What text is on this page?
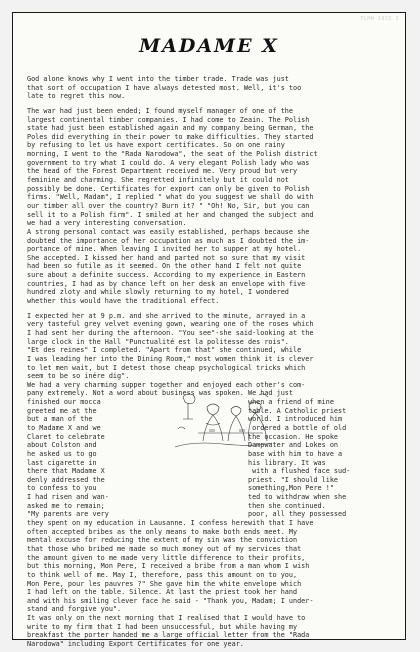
FLMW 1955 2
MADAME X
God alone knows why I went into the timber trade. Trade was just
that sort of occupation I have always detested most. Well, it's too
late to regret this now.
The war had just been ended; I found myself manager of one of the
largest continental timber companies. I had come to Zeain. The Polish
state had just been established again and my company being German, the
Poles did everything in their power to make difficulties. They started
by refusing to let us have export certificates. So on one rainy
morning, I went to the "Rada Narodowa", the seat of the Polish district
government to try what I could do. A very elegant Polish lady who was
the head of the Forest Department received me. Very proud but very
feminine and charming. She regretted infinitely but it could not
possibly be done. Certificates for export can only be given to Polish
firms. "Well, Madam", I replied " what do you suggest we shall do with
our timber all over the country? Burn it? " "Oh! No, Sir, but you can
sell it to a Polish firm". I smiled at her and changed the subject and
we had a very interesting conversation.
A strong personal contact was easily established, perhaps because she
doubted the importance of her occupation as much as I doubted the im-
portance of mine. When leaving I invited her to supper at my hotel.
She accepted. I kissed her hand and parted not so sure that my visit
had been so futile as it seemed. On the other hand I felt not quite
sure about a definite success. According to my experience in Eastern
countries, I had as by chance left on her desk an envelope with five
hundred zloty and while slowly returning to my hotel, I wondered
whether this would have the traditional effect.
I expected her at 9 p.m. and she arrived to the minute, arrayed in a
very tasteful grey velvet evening gown, wearing one of the roses which
I had sent her during the afternoon. "You see"-she said-looking at the
large clock in the Hall "Punctualité est la politesse des rois".
"Et des reines" I completed. "Apart from that" she continued, while
I was leading her into the Dining Room," most women think it is clever
to let men wait, but I detest those cheap psychological tricks which
seem to be so inére dig".
We had a very charming supper together and enjoyed each other's com-
pany extremely. Not a word about business was spoken. We had just
finished our mocca                                    when a friend of mine
greeted me at the                                     table. A Catholic priest
but a man of the                                      world. I introduced him
to Madame X and we                                     ordered a bottle of old
Claret to celebrate                                   the occasion. He spoke
about Colston and                                     Dampwater and Lokes on
he asked us to go                                     base with him to have a
last cigarette in                                     his library. It was
there that Madame X                                    with a flushed face sud-
denly addressed the                                   priest. "I should like
to confess to you                                     something,Mon Pere !"
I had risen and wan-                                  ted to withdraw when she
asked me to remain;                                   then she continued.
"My parents are very                                  poor, all they possessed
they spent on my education in Lausanne. I confess herewith that I have
often accepted bribes as the only means to make both ends meet. My
mental excuse for reducing the extent of my sin was the conviction
that those who bribed me made so much money out of my services that
the amount given to me made very little difference to their profits,
but this morning, Mon Pere, I received a bribe from a man whom I wish
to think well of me. May I, therefore, pass this amount on to you,
Mon Pere, pour les pauvres ?" She gave him the white envelope which
I had left on the table. Silence. At last the priest took her hand
and with his smiling clever face he said - "Thank you, Madam; I under-
stand and forgive you".
It was only on the next morning that I realised that I would have to
write to my firm that I had been unsuccessful, but while having my
breakfast the porter handed me a large official letter from the "Rada
Narodowa" including Export Certificates for one year.
